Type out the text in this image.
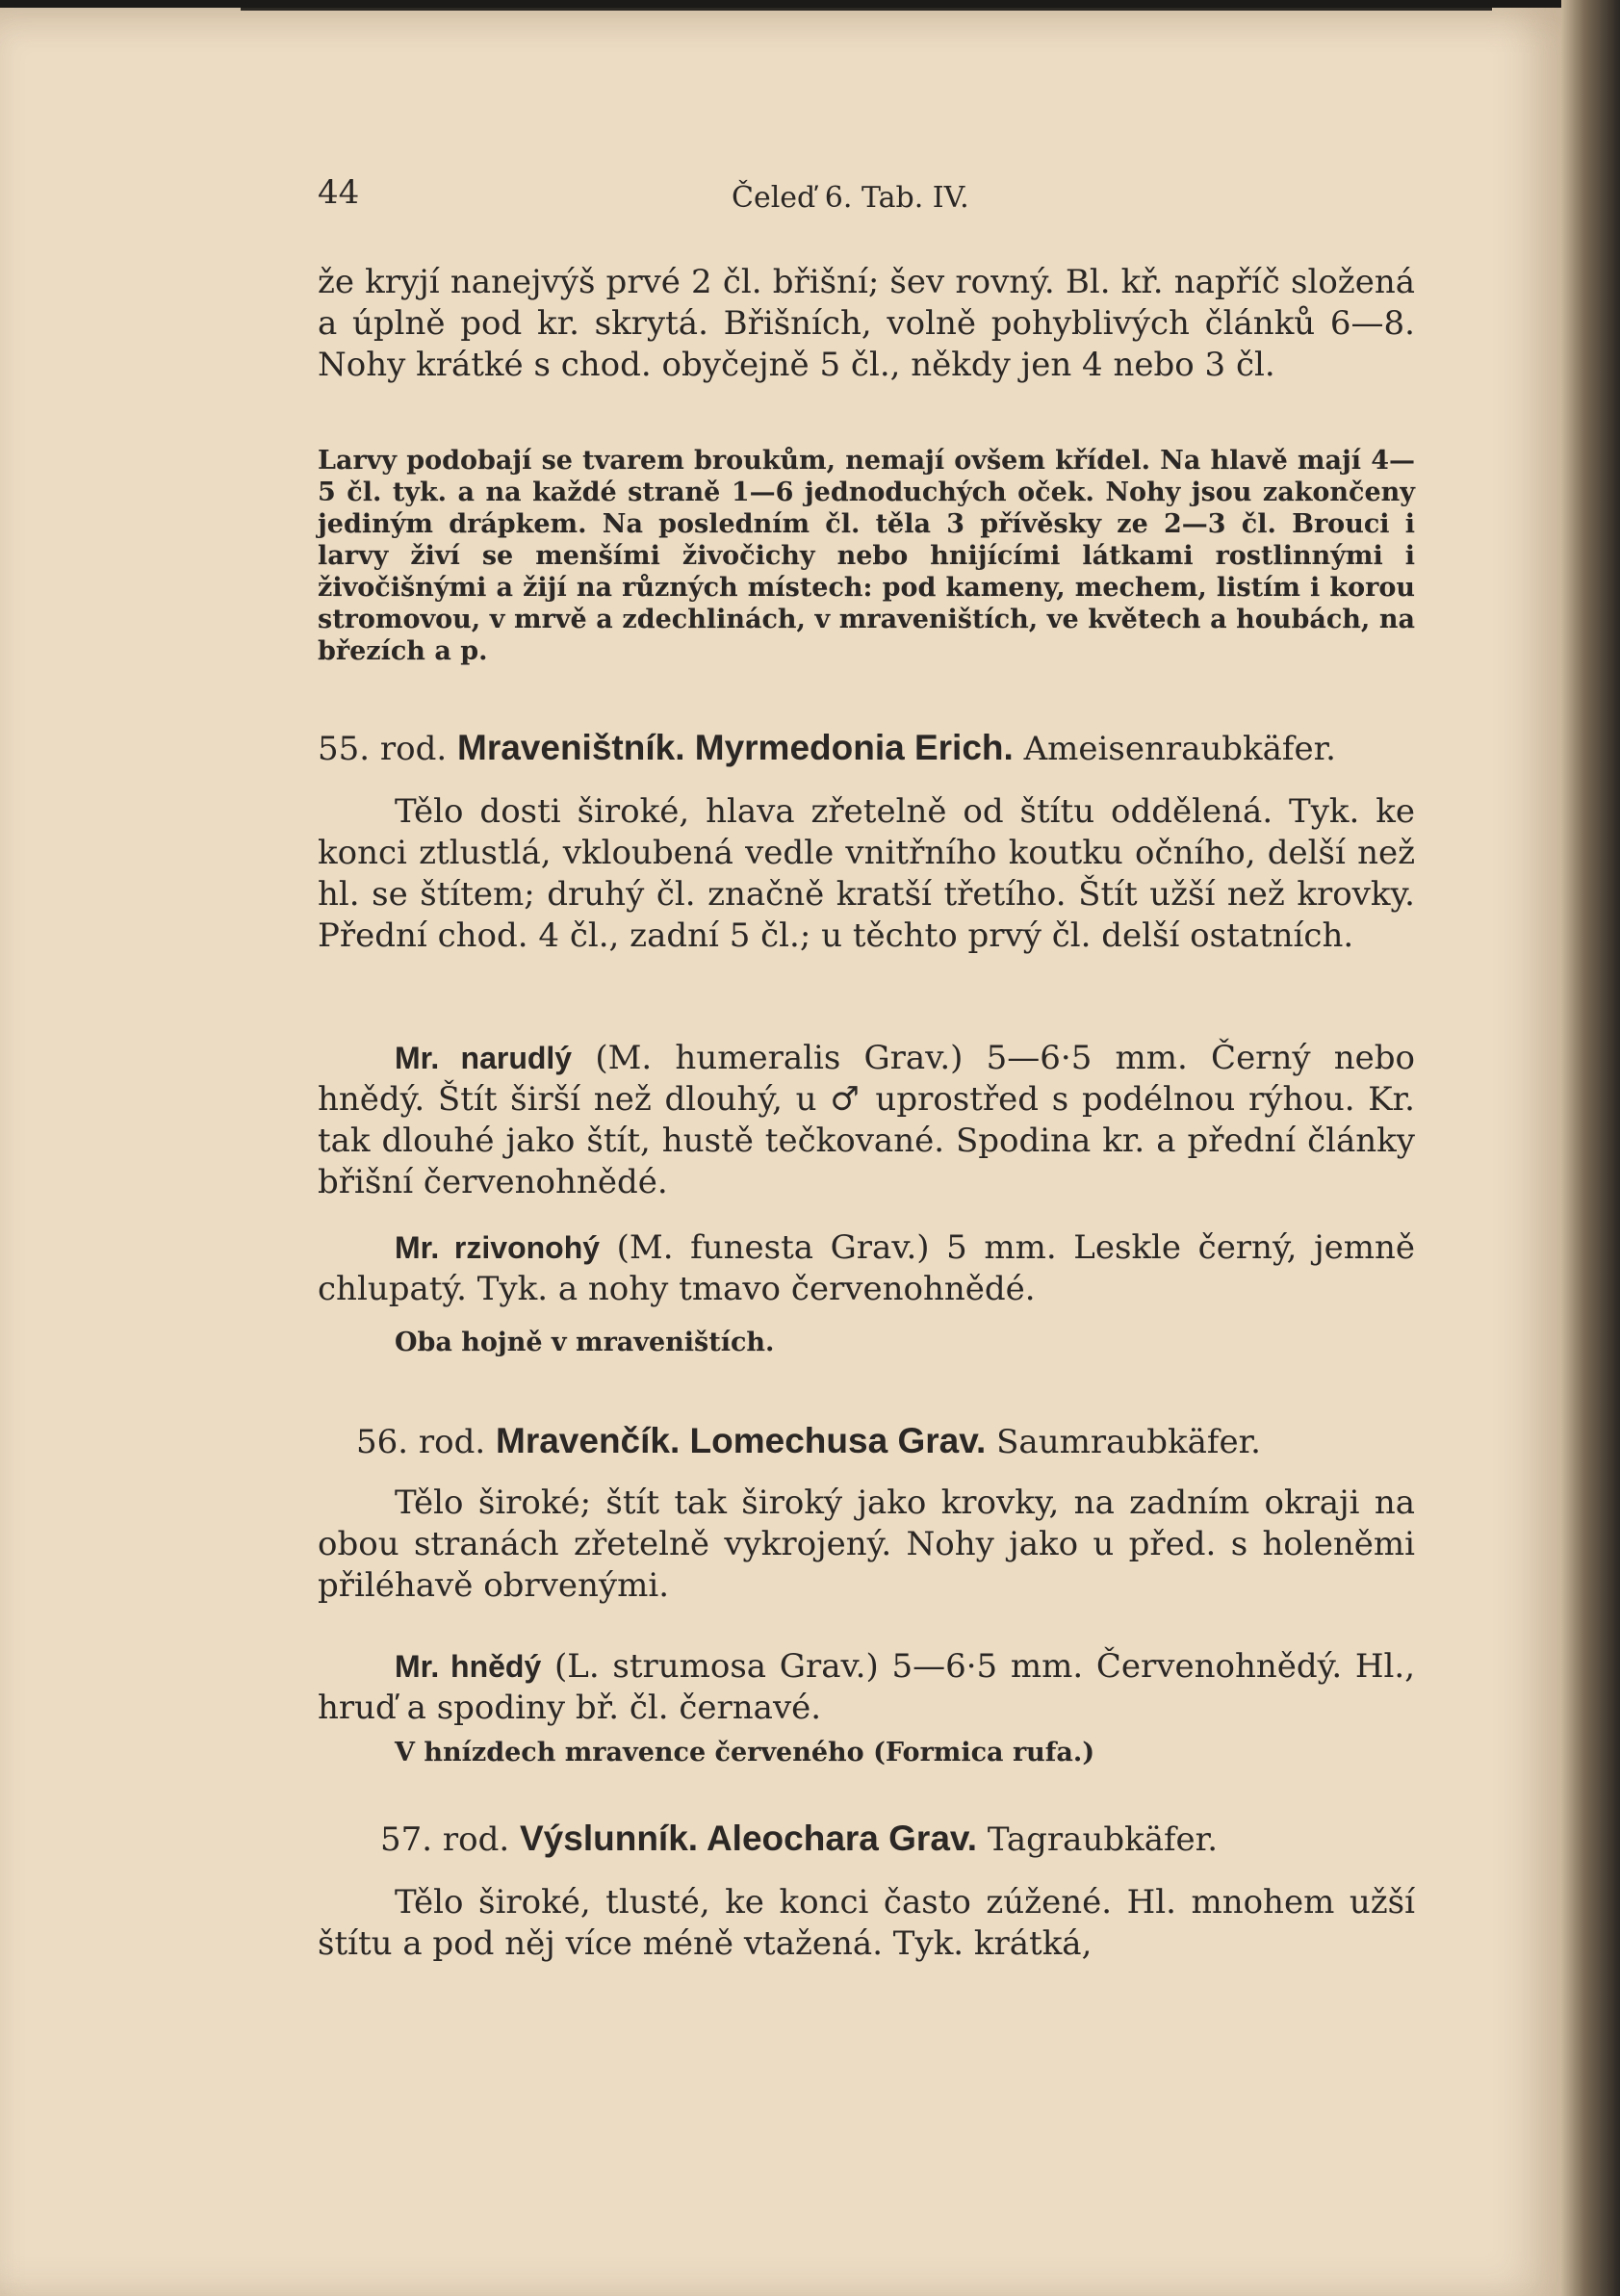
44	Čeleď 6. Tab. IV.
že kryjí nanejvýš prvé 2 čl. břišní; šev rovný. Bl. kř. napříč složená a úplně pod kr. skrytá. Břišních, volně pohyblivých článků 6—8. Nohy krátké s chod. obyčejně 5 čl., někdy jen 4 nebo 3 čl.
Larvy podobají se tvarem broukům, nemají ovšem křídel. Na hlavě mají 4—5 čl. tyk. a na každé straně 1—6 jednoduchých oček. Nohy jsou zakončeny jediným drápkem. Na posledním čl. těla 3 přívěsky ze 2—3 čl. Brouci i larvy živí se menšími živočichy nebo hnijícími látkami rostlinnými i živočišnými a žijí na různých místech: pod kameny, mechem, listím i korou stromovou, v mrvě a zdechlinách, v mraveništích, ve květech a houbách, na březích a p.
55. rod. Mraveništník. Myrmedonia Erich. Ameisenraubkäfer.
Tělo dosti široké, hlava zřetelně od štítu oddělená. Tyk. ke konci ztlustlá, vkloubená vedle vnitřního koutku očního, delší než hl. se štítem; druhý čl. značně kratší třetího. Štít užší než krovky. Přední chod. 4 čl., zadní 5 čl.; u těchto prvý čl. delší ostatních.
Mr. narudlý (M. humeralis Grav.) 5—6·5 mm. Černý nebo hnědý. Štít širší než dlouhý, u ♂ uprostřed s podélnou rýhou. Kr. tak dlouhé jako štít, hustě tečkované. Spodina kr. a přední články břišní červenohnědé.
Mr. rzivonohý (M. funesta Grav.) 5 mm. Leskle černý, jemně chlupatý. Tyk. a nohy tmavo červenohnědé.
Oba hojně v mraveništích.
56. rod. Mravenčík. Lomechusa Grav. Saumraubkäfer.
Tělo široké; štít tak široký jako krovky, na zadním okraji na obou stranách zřetelně vykrojený. Nohy jako u před. s holeněmi přiléhavě obrvenými.
Mr. hnědý (L. strumosa Grav.) 5—6·5 mm. Červenohnědý. Hl., hruď a spodiny bř. čl. černavé.
V hnízdech mravence červeného (Formica rufa.)
57. rod. Výslunník. Aleochara Grav. Tagraubkäfer.
Tělo široké, tlusté, ke konci často zúžené. Hl. mnohem užší štítu a pod něj více méně vtažená. Tyk. krátká,
